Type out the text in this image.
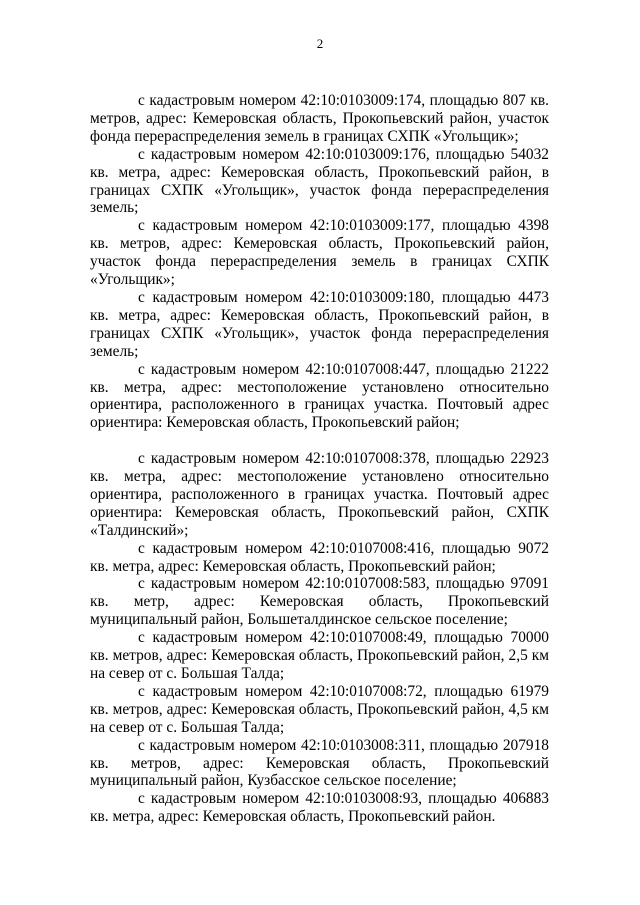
2

с кадастровым номером 42:10:0103009:174, площадью 807 кв. метров, адрес: Кемеровская область, Прокопьевский район, участок фонда перераспределения земель в границах СХПК «Угольщик»;

с кадастровым номером 42:10:0103009:176, площадью 54032 кв. метра, адрес: Кемеровская область, Прокопьевский район, в границах СХПК «Угольщик», участок фонда перераспределения земель;

с кадастровым номером 42:10:0103009:177, площадью 4398 кв. метров, адрес: Кемеровская область, Прокопьевский район, участок фонда перераспределения земель в границах СХПК «Угольщик»;

с кадастровым номером 42:10:0103009:180, площадью 4473 кв. метра, адрес: Кемеровская область, Прокопьевский район, в границах СХПК «Угольщик», участок фонда перераспределения земель;

с кадастровым номером 42:10:0107008:447, площадью 21222 кв. метра, адрес: местоположение установлено относительно ориентира, расположенного в границах участка. Почтовый адрес ориентира: Кемеровская область, Прокопьевский район;

с кадастровым номером 42:10:0107008:378, площадью 22923 кв. метра, адрес: местоположение установлено относительно ориентира, расположенного в границах участка. Почтовый адрес ориентира: Кемеровская область, Прокопьевский район, СХПК «Талдинский»;

с кадастровым номером 42:10:0107008:416, площадью 9072 кв. метра, адрес: Кемеровская область, Прокопьевский район;

с кадастровым номером 42:10:0107008:583, площадью 97091 кв. метр, адрес: Кемеровская область, Прокопьевский муниципальный район, Большеталдинское сельское поселение;

с кадастровым номером 42:10:0107008:49, площадью 70000 кв. метров, адрес: Кемеровская область, Прокопьевский район, 2,5 км на север от с. Большая Талда;

с кадастровым номером 42:10:0107008:72, площадью 61979 кв. метров, адрес: Кемеровская область, Прокопьевский район, 4,5 км на север от с. Большая Талда;

с кадастровым номером 42:10:0103008:311, площадью 207918 кв. метров, адрес: Кемеровская область, Прокопьевский муниципальный район, Кузбасское сельское поселение;

с кадастровым номером 42:10:0103008:93, площадью 406883 кв. метра, адрес: Кемеровская область, Прокопьевский район.
